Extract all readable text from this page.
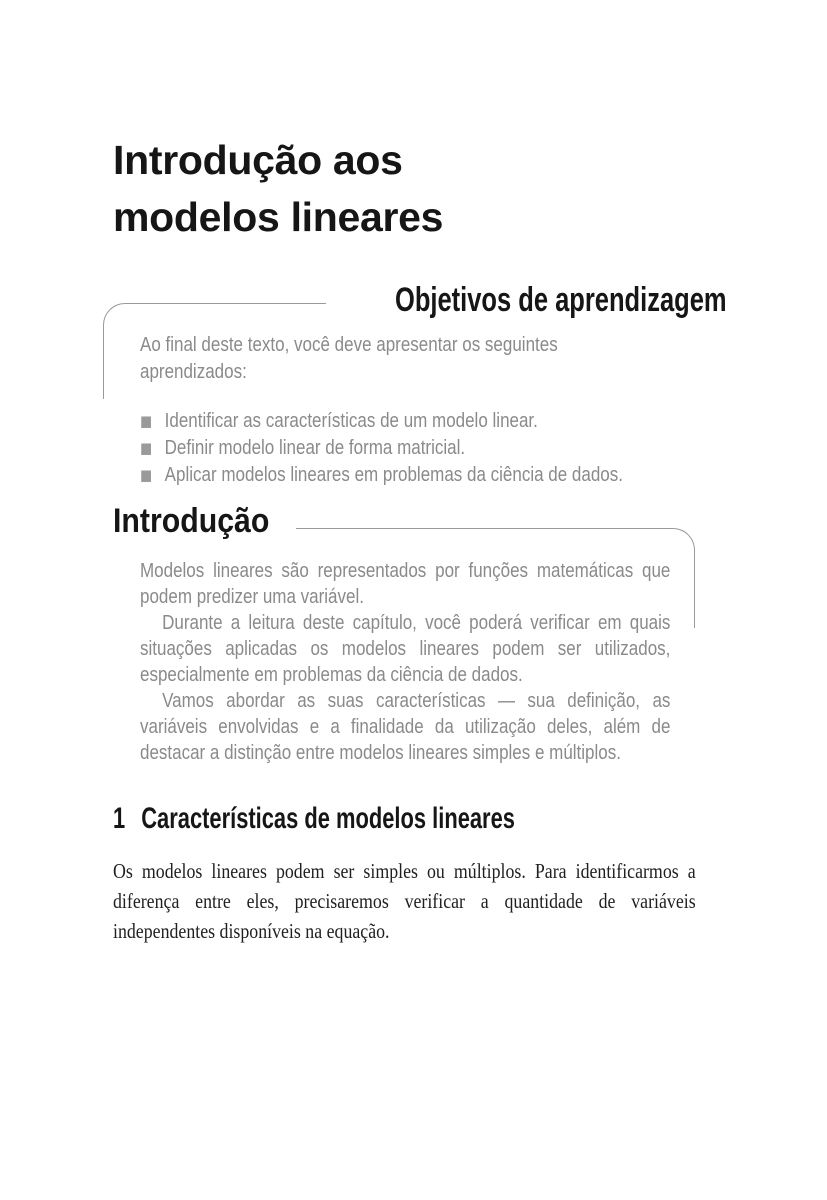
Introdução aos
modelos lineares
Objetivos de aprendizagem

Ao final deste texto, você deve apresentar os seguintes aprendizados:

■ Identificar as características de um modelo linear.
■ Definir modelo linear de forma matricial.
■ Aplicar modelos lineares em problemas da ciência de dados.
Introdução

Modelos lineares são representados por funções matemáticas que podem predizer uma variável.

Durante a leitura deste capítulo, você poderá verificar em quais situações aplicadas os modelos lineares podem ser utilizados, especialmente em problemas da ciência de dados.

Vamos abordar as suas características — sua definição, as variáveis envolvidas e a finalidade da utilização deles, além de destacar a distinção entre modelos lineares simples e múltiplos.

1 Características de modelos lineares

Os modelos lineares podem ser simples ou múltiplos. Para identificarmos a diferença entre eles, precisaremos verificar a quantidade de variáveis independentes disponíveis na equação.
